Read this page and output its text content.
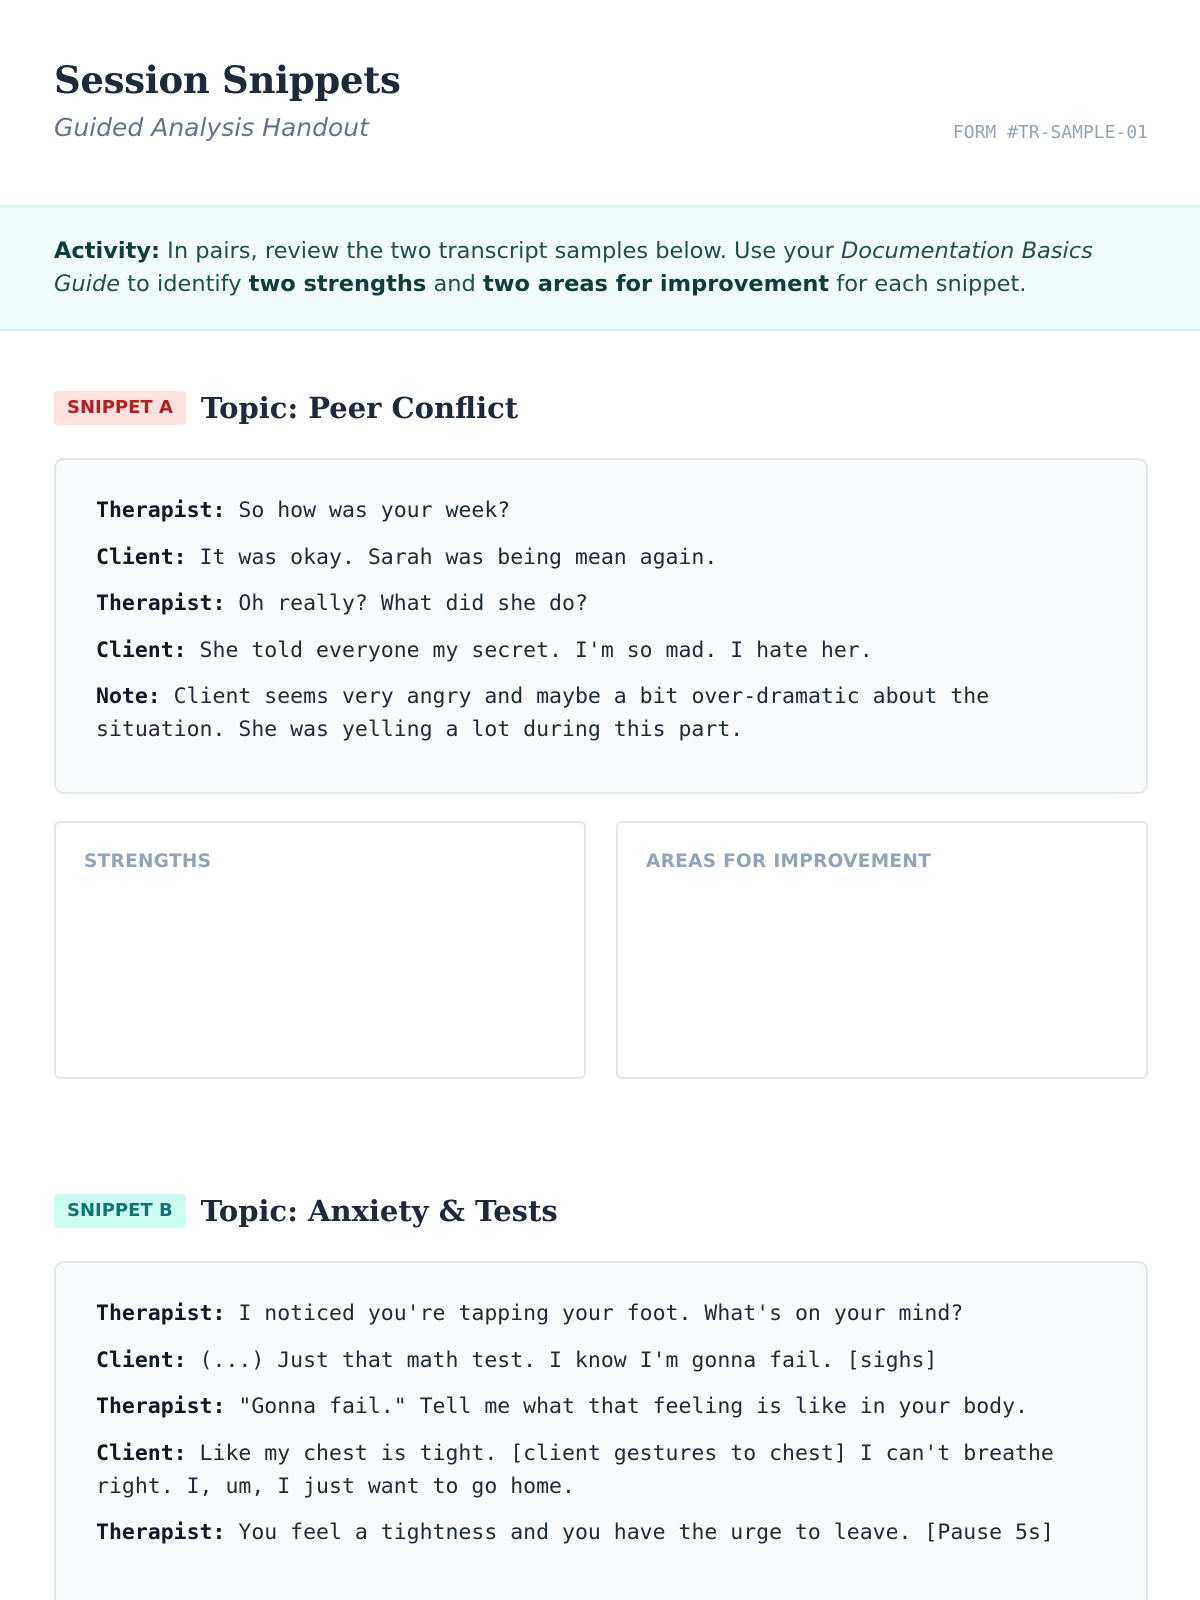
Session Snippets
Guided Analysis Handout	FORM #TR-SAMPLE-01
Activity: In pairs, review the two transcript samples below. Use your Documentation Basics Guide to identify two strengths and two areas for improvement for each snippet.
SNIPPET A Topic: Peer Conflict
Therapist: So how was your week?
Client: It was okay. Sarah was being mean again.
Therapist: Oh really? What did she do?
Client: She told everyone my secret. I'm so mad. I hate her.
Note: Client seems very angry and maybe a bit over-dramatic about the situation. She was yelling a lot during this part.
STRENGTHS	AREAS FOR IMPROVEMENT
SNIPPET B Topic: Anxiety & Tests
Therapist: I noticed you're tapping your foot. What's on your mind?
Client: (...) Just that math test. I know I'm gonna fail. [sighs]
Therapist: "Gonna fail." Tell me what that feeling is like in your body.
Client: Like my chest is tight. [client gestures to chest] I can't breathe right. I, um, I just want to go home.
Therapist: You feel a tightness and you have the urge to leave. [Pause 5s]
